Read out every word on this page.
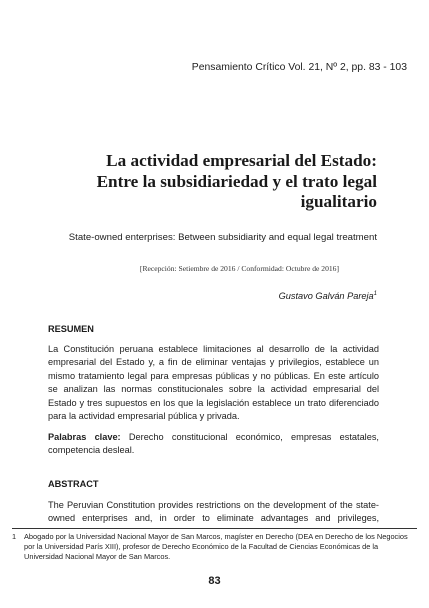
Pensamiento Crítico Vol. 21, Nº 2, pp. 83 - 103
La actividad empresarial del Estado:
Entre la subsidiariedad y el trato legal
igualitario
State-owned enterprises: Between subsidiarity and equal legal treatment
[Recepción: Setiembre de 2016 / Conformidad: Octubre de 2016]
Gustavo Galván Pareja$^1$
RESUMEN

La Constitución peruana establece limitaciones al desarrollo de la actividad empresarial del Estado y, a fin de eliminar ventajas y privilegios, establece un mismo tratamiento legal para empresas públicas y no públicas. En este artículo se analizan las normas constitucionales sobre la actividad empresarial del Estado y tres supuestos en los que la legislación establece un trato diferenciado para la actividad empresarial pública y privada.

Palabras clave: Derecho constitucional económico, empresas estatales, competencia desleal.

ABSTRACT

The Peruvian Constitution provides restrictions on the development of the state-owned enterprises and, in order to eliminate advantages and privileges,

1	Abogado por la Universidad Nacional Mayor de San Marcos, magíster en Derecho (DEA en Derecho de los Negocios por la Universidad París XIII), profesor de Derecho Económico de la Facultad de Ciencias Económicas de la Universidad Nacional Mayor de San Marcos.
83
